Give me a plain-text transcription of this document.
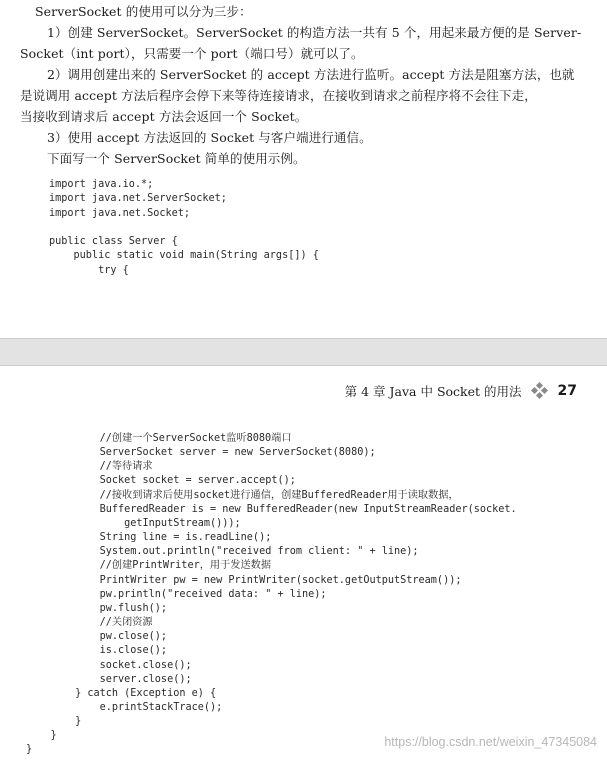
ServerSocket 的使用可以分为三步：
1）创建 ServerSocket。ServerSocket 的构造方法一共有 5 个，用起来最方便的是 Server-
Socket（int port），只需要一个 port（端口号）就可以了。
2）调用创建出来的 ServerSocket 的 accept 方法进行监听。accept 方法是阻塞方法，也就
是说调用 accept 方法后程序会停下来等待连接请求，在接收到请求之前程序将不会往下走，
当接收到请求后 accept 方法会返回一个 Socket。
3）使用 accept 方法返回的 Socket 与客户端进行通信。
下面写一个 ServerSocket 简单的使用示例。
import java.io.*;
import java.net.ServerSocket;
import java.net.Socket;

public class Server {
public static void main(String args[]) {
try {
第 4 章 Java 中 Socket 的用法	27
//创建一个ServerSocket监听8080端口
ServerSocket server = new ServerSocket(8080);
//等待请求
Socket socket = server.accept();
//接收到请求后使用socket进行通信，创建BufferedReader用于读取数据，
BufferedReader is = new BufferedReader(new InputStreamReader(socket.
getInputStream()));
String line = is.readLine();
System.out.println("received from client: " + line);
//创建PrintWriter，用于发送数据
PrintWriter pw = new PrintWriter(socket.getOutputStream());
pw.println("received data: " + line);
pw.flush();
//关闭资源
pw.close();
is.close();
socket.close();
server.close();
} catch (Exception e) {
e.printStackTrace();
}
}
}
https://blog.csdn.net/weixin_47345084
